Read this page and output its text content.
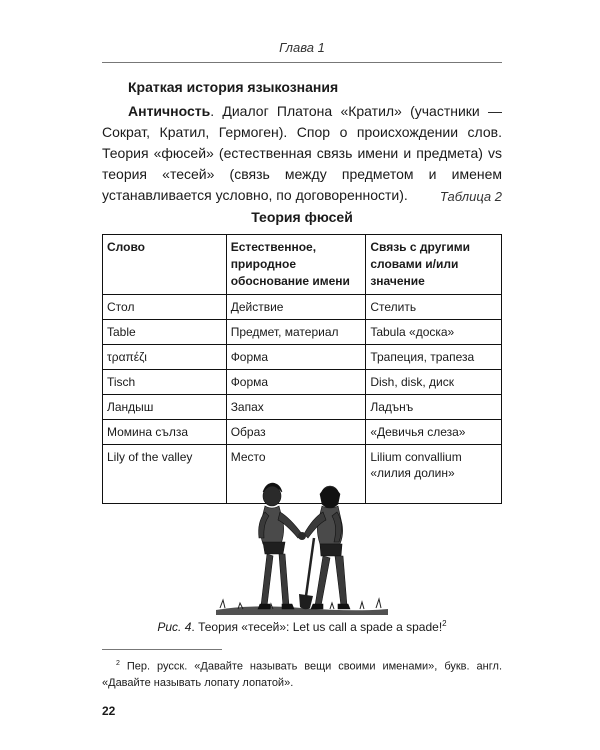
Глава 1
Краткая история языкознания
Античность. Диалог Платона «Кратил» (участники — Сократ, Кратил, Гермоген). Спор о происхождении слов. Теория «фюсей» (естественная связь имени и предмета) vs теория «тесей» (связь между предметом и именем устанавливается условно, по договоренности).	Таблица 2
Теория фюсей
Слово	Естественное, природное обоснование имени	Связь с другими словами и/или значение
Стол	Действие	Стелить
Table	Предмет, материал	Tabula «доска»
τραπέζι	Форма	Трапеция, трапеза
Tisch	Форма	Dish, disk, диск
Ландыш	Запах	Ладънъ
Момина сълза	Образ	«Девичья слеза»
Lily of the valley	Место	Lilium convallium «лилия долин»
Рис. 4. Теория «тесей»: Let us call a spade a spade!$^2$
$^2$ Пер. русск. «Давайте называть вещи своими именами», букв. англ. «Давайте называть лопату лопатой».
22
